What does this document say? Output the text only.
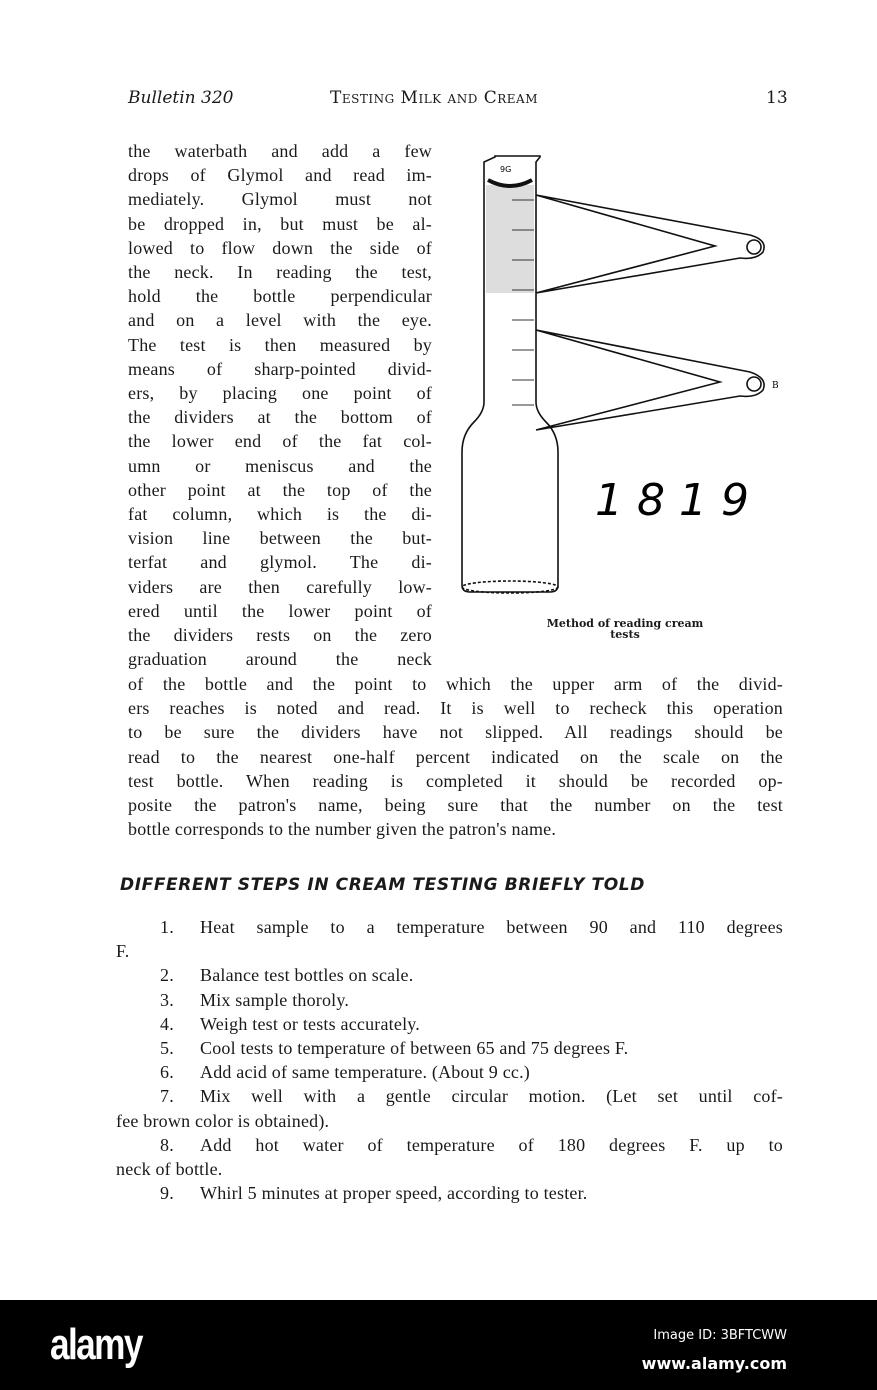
Bulletin 320	Testing Milk and Cream	13
the waterbath and add a few
drops of Glymol and read im-
mediately. Glymol must not
be dropped in, but must be al-
lowed to flow down the side of
the neck. In reading the test,
hold the bottle perpendicular
and on a level with the eye.
The test is then measured by
means of sharp-pointed divid-
ers, by placing one point of
the dividers at the bottom of
the lower end of the fat col-
umn or meniscus and the
other point at the top of the
fat column, which is the di-
vision line between the but-
terfat and glymol. The di-
viders are then carefully low-
ered until the lower point of
the dividers rests on the zero
graduation around the neck
of the bottle and the point to which the upper arm of the divid-
ers reaches is noted and read. It is well to recheck this operation
to be sure the dividers have not slipped. All readings should be
read to the nearest one-half percent indicated on the scale on the
test bottle. When reading is completed it should be recorded op-
posite the patron's name, being sure that the number on the test
bottle corresponds to the number given the patron's name.
9G
B
1819
Method of reading cream
tests
DIFFERENT STEPS IN CREAM TESTING BRIEFLY TOLD
1. Heat sample to a temperature between 90 and 110 degrees
F.
2. Balance test bottles on scale.
3. Mix sample thoroly.
4. Weigh test or tests accurately.
5. Cool tests to temperature of between 65 and 75 degrees F.
6. Add acid of same temperature. (About 9 cc.)
7. Mix well with a gentle circular motion. (Let set until cof-
fee brown color is obtained).
8. Add hot water of temperature of 180 degrees F. up to
neck of bottle.
9. Whirl 5 minutes at proper speed, according to tester.
alamy	Image ID: 3BFTCWW
www.alamy.com
